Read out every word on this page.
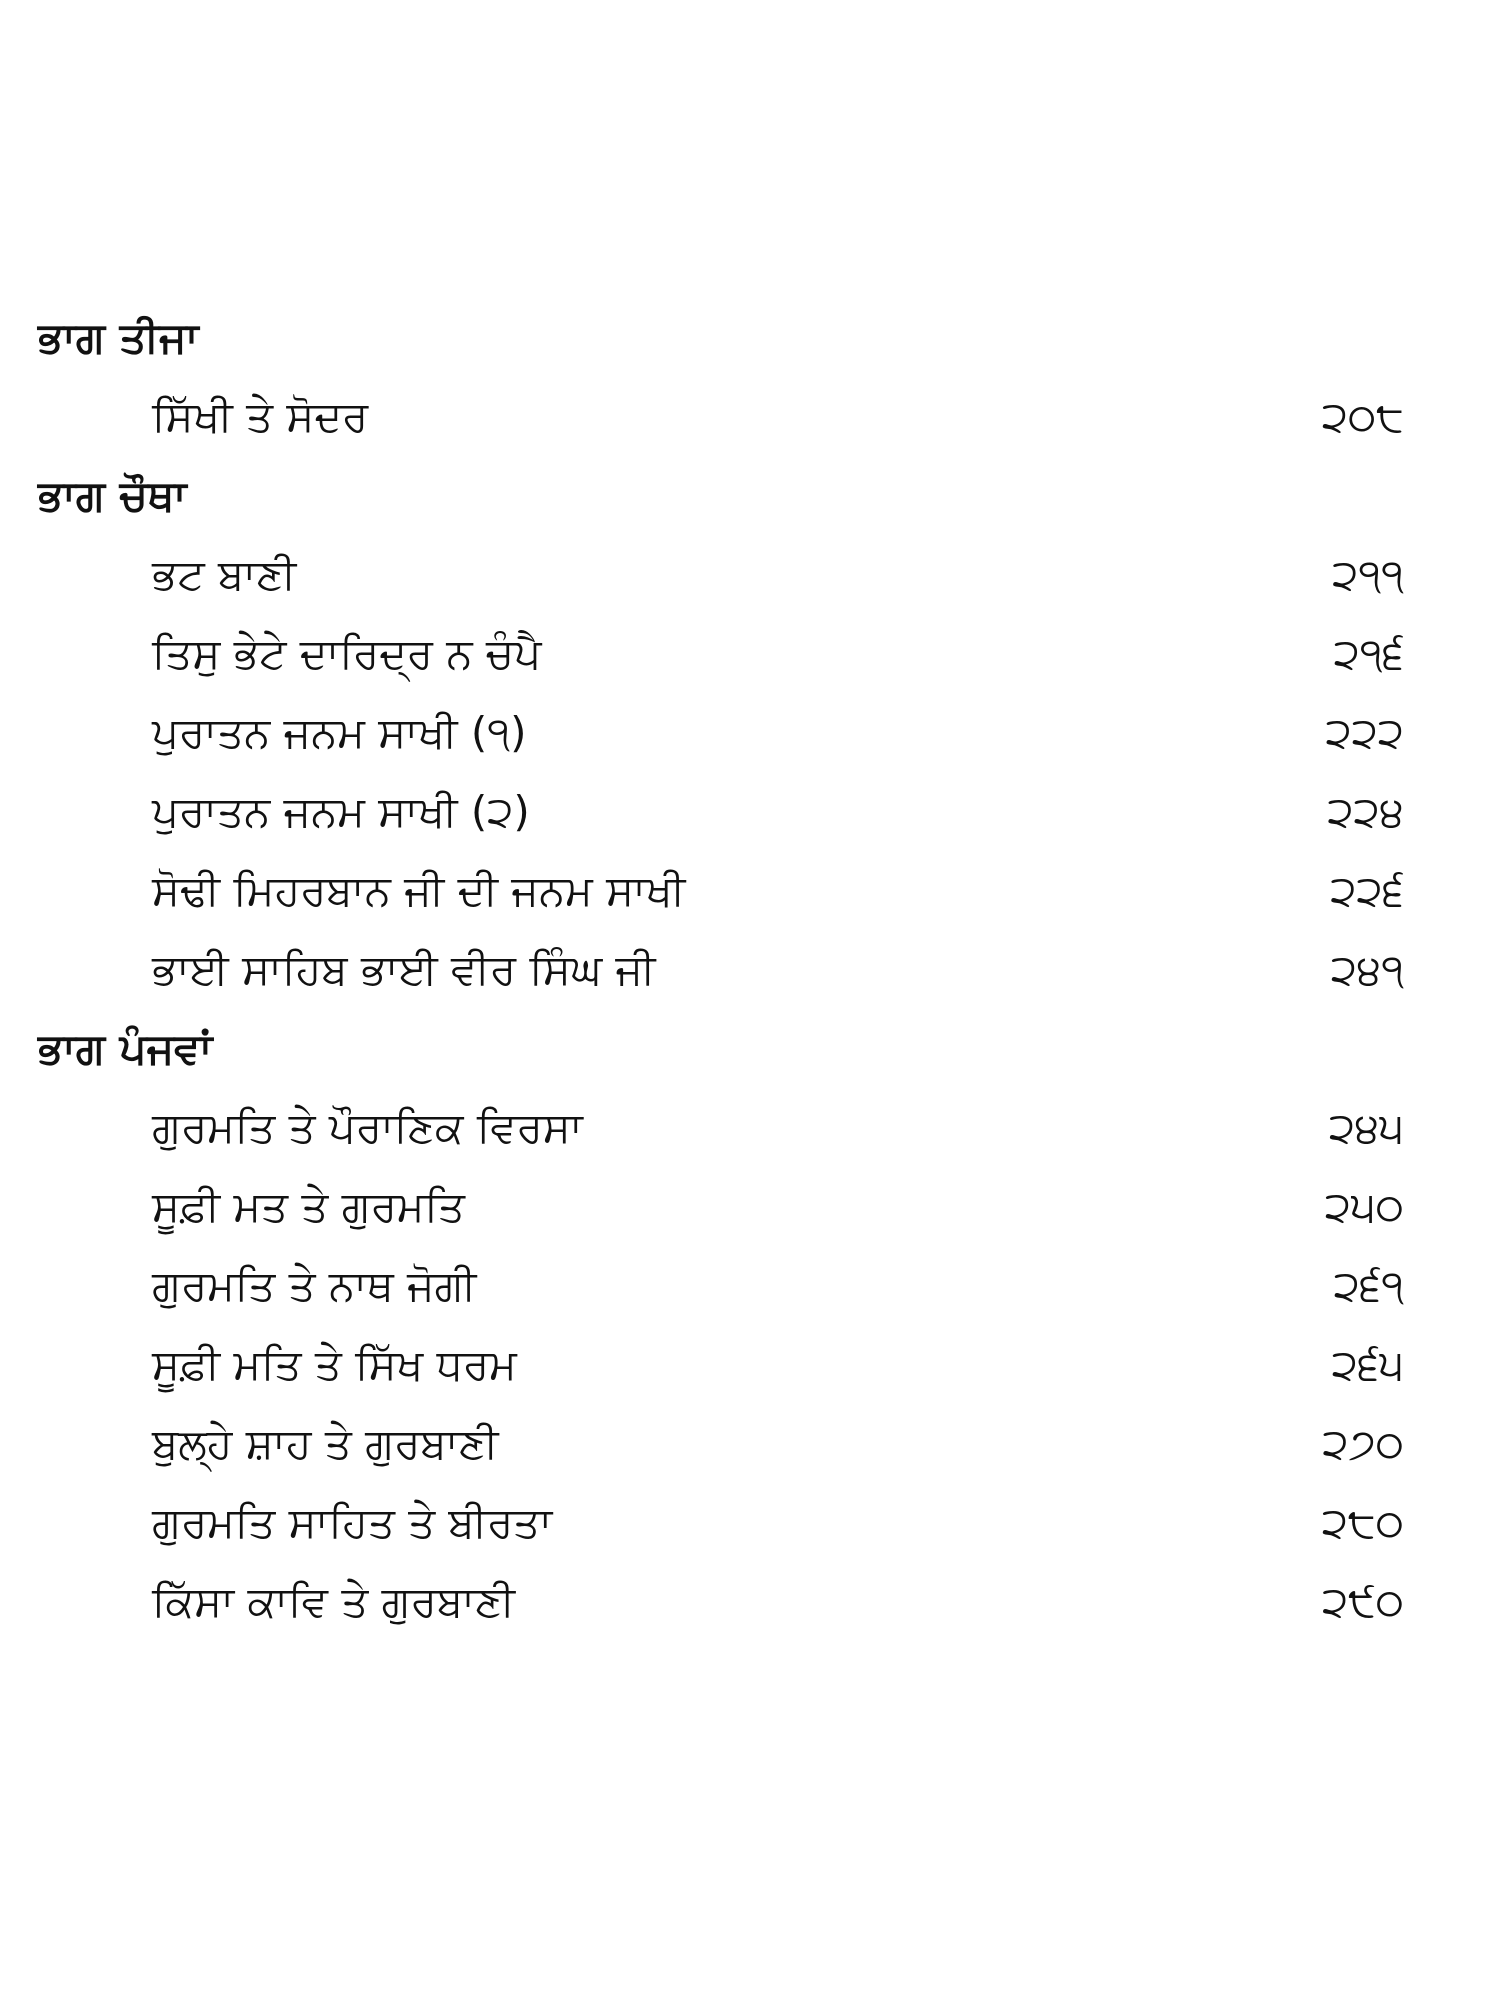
ਭਾਗ ਤੀਜਾ
ਸਿੱਖੀ ਤੇ ਸੋਦਰ	੨੦੮
ਭਾਗ ਚੌਥਾ
ਭਟ ਬਾਣੀ	੨੧੧
ਤਿਸੁ ਭੇਟੇ ਦਾਰਿਦ੍ਰ ਨ ਚੰਪੈ	੨੧੬
ਪੁਰਾਤਨ ਜਨਮ ਸਾਖੀ (੧)	੨੨੨
ਪੁਰਾਤਨ ਜਨਮ ਸਾਖੀ (੨)	੨੨੪
ਸੋਢੀ ਮਿਹਰਬਾਨ ਜੀ ਦੀ ਜਨਮ ਸਾਖੀ	੨੨੬
ਭਾਈ ਸਾਹਿਬ ਭਾਈ ਵੀਰ ਸਿੰਘ ਜੀ	੨੪੧
ਭਾਗ ਪੰਜਵਾਂ
ਗੁਰਮਤਿ ਤੇ ਪੌਰਾਣਿਕ ਵਿਰਸਾ	੨੪੫
ਸੂਫ਼ੀ ਮਤ ਤੇ ਗੁਰਮਤਿ	੨੫੦
ਗੁਰਮਤਿ ਤੇ ਨਾਥ ਜੋਗੀ	੨੬੧
ਸੂਫ਼ੀ ਮਤਿ ਤੇ ਸਿੱਖ ਧਰਮ	੨੬੫
ਬੁਲ੍ਹੇ ਸ਼ਾਹ ਤੇ ਗੁਰਬਾਣੀ	੨੭੦
ਗੁਰਮਤਿ ਸਾਹਿਤ ਤੇ ਬੀਰਤਾ	੨੮੦
ਕਿੱਸਾ ਕਾਵਿ ਤੇ ਗੁਰਬਾਣੀ	੨੯੦
